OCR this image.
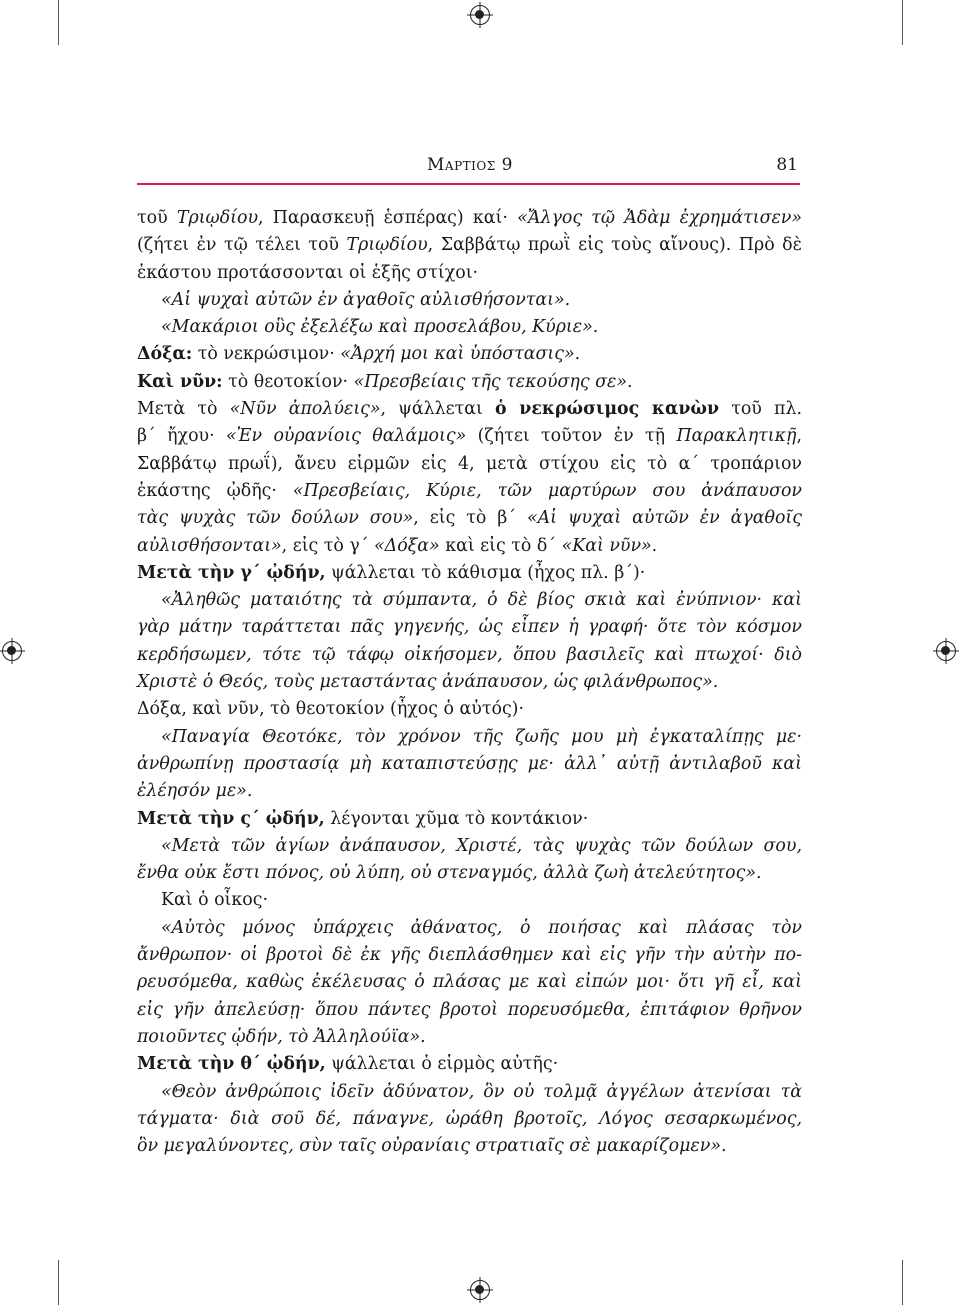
Μαρτιος 9	81
τοῦ Τριῳδίου, Παρασκευῇ ἑσπέρας) καί· «Ἄλγος τῷ Ἀδὰμ ἐχρημάτισεν»
(ζήτει ἐν τῷ τέλει τοῦ Τριῳδίου, Σαββάτῳ πρωῒ εἰς τοὺς αἴνους). Πρὸ δὲ
ἑκάστου προτάσσονται οἱ ἑξῆς στίχοι·
«Αἱ ψυχαὶ αὐτῶν ἐν ἀγαθοῖς αὐλισθήσονται».
«Μακάριοι οὓς ἐξελέξω καὶ προσελάβου, Κύριε».
Δόξα: τὸ νεκρώσιμον· «Ἀρχή μοι καὶ ὑπόστασις».
Καὶ νῦν: τὸ θεοτοκίον· «Πρεσβείαις τῆς τεκούσης σε».
Μετὰ τὸ «Νῦν ἀπολύεις», ψάλλεται ὁ νεκρώσιμος κανὼν τοῦ πλ.
β΄ ἤχου· «Ἐν οὐρανίοις θαλάμοις» (ζήτει τοῦτον ἐν τῇ Παρακλητικῇ,
Σαββάτῳ πρωΐ), ἄνευ εἱρμῶν εἰς 4, μετὰ στίχου εἰς τὸ α΄ τροπάριον
ἑκάστης ᾠδῆς· «Πρεσβείαις, Κύριε, τῶν μαρτύρων σου ἀνάπαυσον
τὰς ψυχὰς τῶν δούλων σου», εἰς τὸ β΄ «Αἱ ψυχαὶ αὐτῶν ἐν ἀγαθοῖς
αὐλισθήσονται», εἰς τὸ γ΄ «Δόξα» καὶ εἰς τὸ δ΄ «Καὶ νῦν».
Μετὰ τὴν γ΄ ᾠδήν, ψάλλεται τὸ κάθισμα (ἦχος πλ. β΄)·
«Ἀληθῶς ματαιότης τὰ σύμπαντα, ὁ δὲ βίος σκιὰ καὶ ἐνύπνιον· καὶ
γὰρ μάτην ταράττεται πᾶς γηγενής, ὡς εἶπεν ἡ γραφή· ὅτε τὸν κόσμον
κερδήσωμεν, τότε τῷ τάφῳ οἰκήσομεν, ὅπου βασιλεῖς καὶ πτωχοί· διὸ
Χριστὲ ὁ Θεός, τοὺς μεταστάντας ἀνάπαυσον, ὡς φιλάνθρωπος».
Δόξα, καὶ νῦν, τὸ θεοτοκίον (ἦχος ὁ αὐτός)·
«Παναγία Θεοτόκε, τὸν χρόνον τῆς ζωῆς μου μὴ ἐγκαταλίπῃς με·
ἀνθρωπίνῃ προστασίᾳ μὴ καταπιστεύσῃς με· ἀλλ᾽ αὐτῇ ἀντιλαβοῦ καὶ
ἐλέησόν με».
Μετὰ τὴν ς΄ ᾠδήν, λέγονται χῦμα τὸ κοντάκιον·
«Μετὰ τῶν ἁγίων ἀνάπαυσον, Χριστέ, τὰς ψυχὰς τῶν δούλων σου,
ἔνθα οὐκ ἔστι πόνος, οὐ λύπη, οὐ στεναγμός, ἀλλὰ ζωὴ ἀτελεύτητος».
Καὶ ὁ οἶκος·
«Αὐτὸς μόνος ὑπάρχεις ἀθάνατος, ὁ ποιήσας καὶ πλάσας τὸν
ἄνθρωπον· οἱ βροτοὶ δὲ ἐκ γῆς διεπλάσθημεν καὶ εἰς γῆν τὴν αὐτὴν πο-
ρευσόμεθα, καθὼς ἐκέλευσας ὁ πλάσας με καὶ εἰπών μοι· ὅτι γῆ εἶ, καὶ
εἰς γῆν ἀπελεύσῃ· ὅπου πάντες βροτοὶ πορευσόμεθα, ἐπιτάφιον θρῆνον
ποιοῦντες ᾠδήν, τὸ Ἀλληλούϊα».
Μετὰ τὴν θ΄ ᾠδήν, ψάλλεται ὁ εἱρμὸς αὐτῆς·
«Θεὸν ἀνθρώποις ἰδεῖν ἀδύνατον, ὃν οὐ τολμᾷ ἀγγέλων ἀτενίσαι τὰ
τάγματα· διὰ σοῦ δέ, πάναγνε, ὡράθη βροτοῖς, Λόγος σεσαρκωμένος,
ὃν μεγαλύνοντες, σὺν ταῖς οὐρανίαις στρατιαῖς σὲ μακαρίζομεν».
